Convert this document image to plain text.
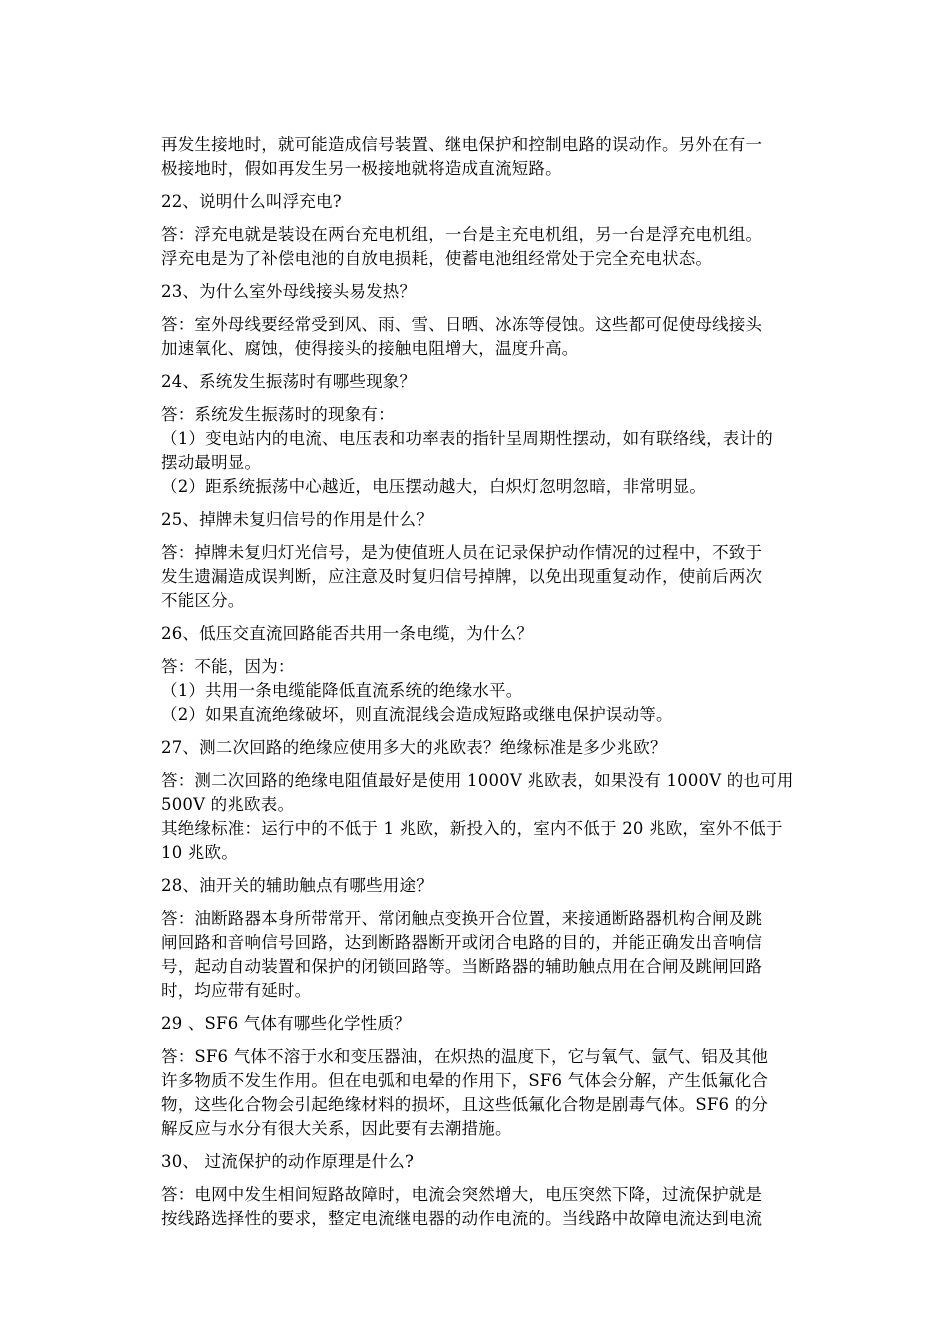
再发生接地时，就可能造成信号装置、继电保护和控制电路的误动作。另外在有一
极接地时，假如再发生另一极接地就将造成直流短路。
22、说明什么叫浮充电?
答：浮充电就是装设在两台充电机组，一台是主充电机组，另一台是浮充电机组。
浮充电是为了补偿电池的自放电损耗，使蓄电池组经常处于完全充电状态。
23、为什么室外母线接头易发热？
答：室外母线要经常受到风、雨、雪、日晒、冰冻等侵蚀。这些都可促使母线接头
加速氧化、腐蚀，使得接头的接触电阻增大，温度升高。
24、系统发生振荡时有哪些现象？
答：系统发生振荡时的现象有：
（1）变电站内的电流、电压表和功率表的指针呈周期性摆动，如有联络线，表计的
摆动最明显。
（2）距系统振荡中心越近，电压摆动越大，白炽灯忽明忽暗，非常明显。
25、掉牌未复归信号的作用是什么？
答：掉牌未复归灯光信号，是为使值班人员在记录保护动作情况的过程中，不致于
发生遗漏造成误判断，应注意及时复归信号掉牌，以免出现重复动作，使前后两次
不能区分。
26、低压交直流回路能否共用一条电缆，为什么？
答：不能，因为：
（1）共用一条电缆能降低直流系统的绝缘水平。
（2）如果直流绝缘破坏，则直流混线会造成短路或继电保护误动等。
27、测二次回路的绝缘应使用多大的兆欧表？绝缘标准是多少兆欧？
答：测二次回路的绝缘电阻值最好是使用 1000V 兆欧表，如果没有 1000V 的也可用
500V 的兆欧表。
其绝缘标准：运行中的不低于 1 兆欧，新投入的，室内不低于 20 兆欧，室外不低于
10 兆欧。
28、油开关的辅助触点有哪些用途？
答：油断路器本身所带常开、常闭触点变换开合位置，来接通断路器机构合闸及跳
闸回路和音响信号回路，达到断路器断开或闭合电路的目的，并能正确发出音响信
号，起动自动装置和保护的闭锁回路等。当断路器的辅助触点用在合闸及跳闸回路
时，均应带有延时。
29 、SF6 气体有哪些化学性质？
答：SF6 气体不溶于水和变压器油，在炽热的温度下，它与氧气、氩气、铝及其他
许多物质不发生作用。但在电弧和电晕的作用下，SF6 气体会分解，产生低氟化合
物，这些化合物会引起绝缘材料的损坏，且这些低氟化合物是剧毒气体。SF6 的分
解反应与水分有很大关系，因此要有去潮措施。
30、 过流保护的动作原理是什么?
答：电网中发生相间短路故障时，电流会突然增大，电压突然下降，过流保护就是
按线路选择性的要求，整定电流继电器的动作电流的。当线路中故障电流达到电流
